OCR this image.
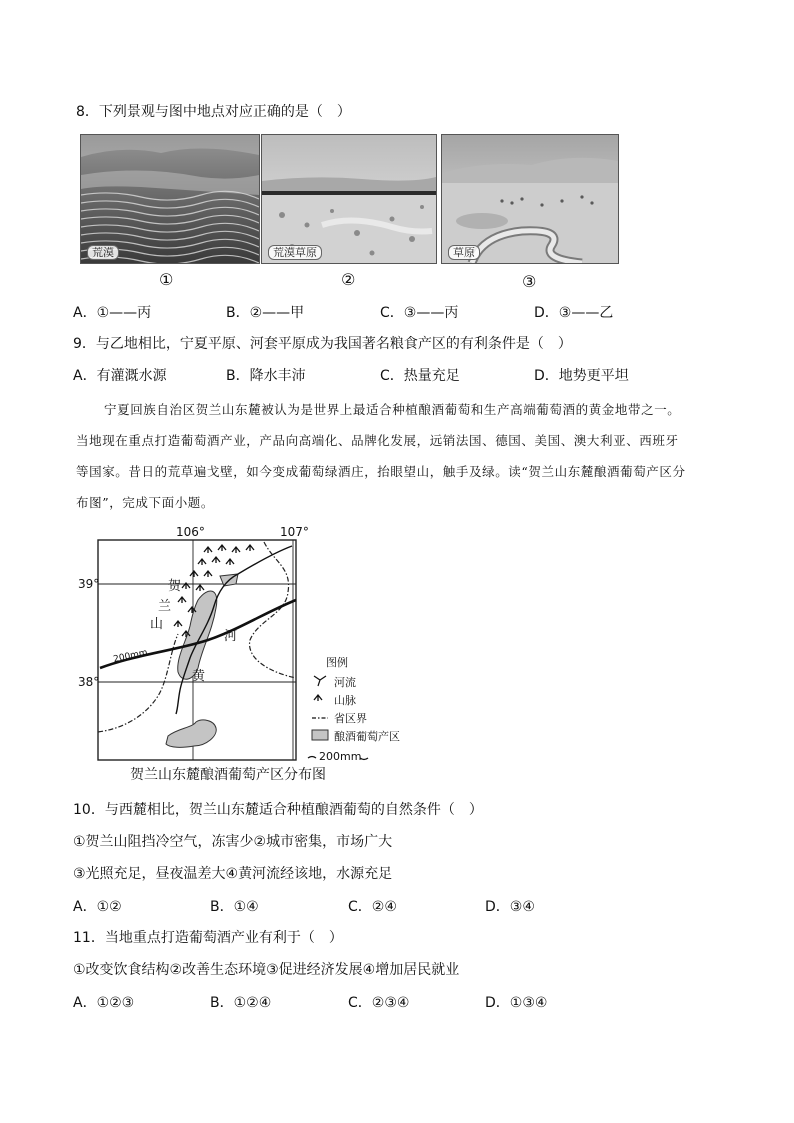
8．下列景观与图中地点对应正确的是（　）
荒漠	荒漠草原	草原
①	②	③
A．①——丙	B．②——甲	C．③——丙	D．③——乙
9．与乙地相比，宁夏平原、河套平原成为我国著名粮食产区的有利条件是（　）
A．有灌溉水源	B．降水丰沛	C．热量充足	D．地势更平坦
宁夏回族自治区贺兰山东麓被认为是世界上最适合种植酿酒葡萄和生产高端葡萄酒的黄金地带之一。
当地现在重点打造葡萄酒产业，产品向高端化、品牌化发展，远销法国、德国、美国、澳大利亚、西班牙
等国家。昔日的荒草遍戈壁，如今变成葡萄绿酒庄，抬眼望山，触手及绿。读“贺兰山东麓酿酒葡萄产区分
布图”，完成下面小题。
106°	107°
39°
38°
贺
兰
山
河
黄
200mm	图例
河流
山脉
省区界
酿酒葡萄产区
200mm
贺兰山东麓酿酒葡萄产区分布图
10．与西麓相比，贺兰山东麓适合种植酿酒葡萄的自然条件（　）
①贺兰山阻挡冷空气，冻害少②城市密集，市场广大
③光照充足，昼夜温差大④黄河流经该地，水源充足
A．①②	B．①④	C．②④	D．③④
11．当地重点打造葡萄酒产业有利于（　）
①改变饮食结构②改善生态环境③促进经济发展④增加居民就业
A．①②③	B．①②④	C．②③④	D．①③④
